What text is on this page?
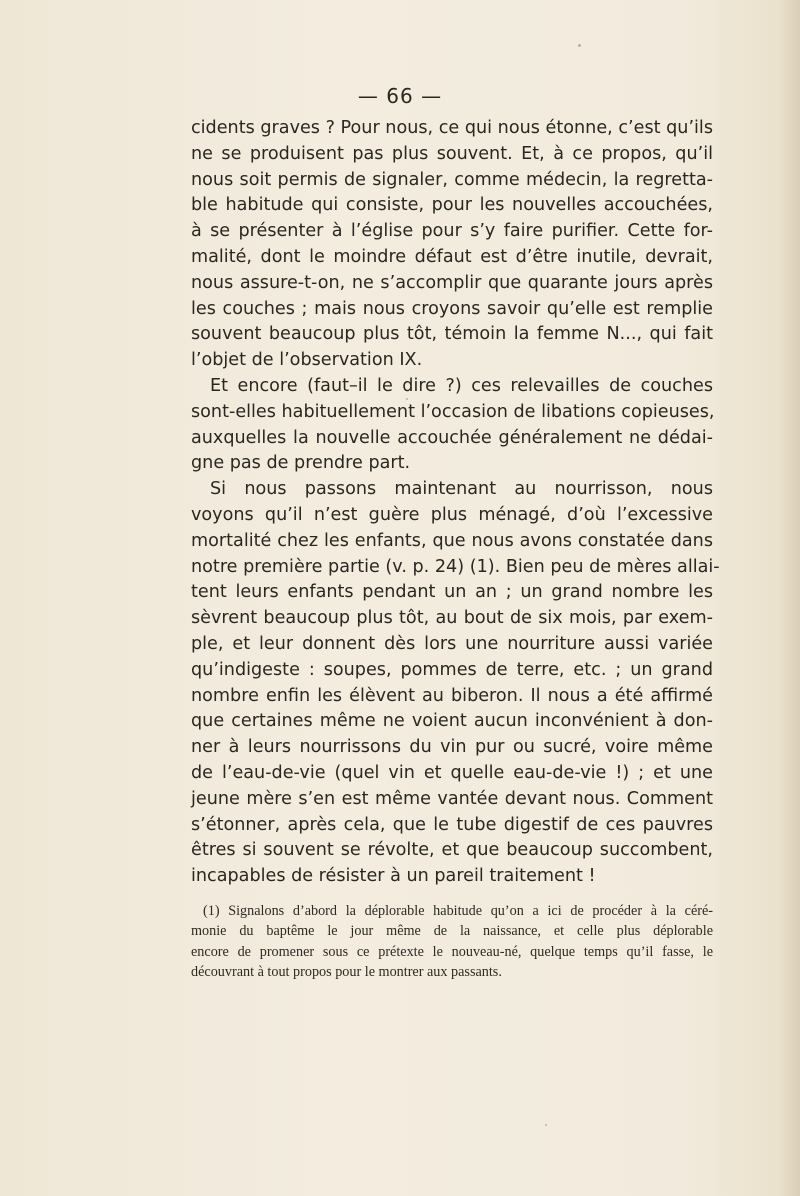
— 66 —
cidents graves ? Pour nous, ce qui nous étonne, c’est qu’ils
ne se produisent pas plus souvent. Et, à ce propos, qu’il
nous soit permis de signaler, comme médecin, la regretta-
ble habitude qui consiste, pour les nouvelles accouchées,
à se présenter à l’église pour s’y faire purifier. Cette for-
malité, dont le moindre défaut est d’être inutile, devrait,
nous assure-t-on, ne s’accomplir que quarante jours après
les couches ; mais nous croyons savoir qu’elle est remplie
souvent beaucoup plus tôt, témoin la femme N..., qui fait
l’objet de l’observation IX.
Et encore (faut–il le dire ?) ces relevailles de couches
sont-elles habituellement l’occasion de libations copieuses,
auxquelles la nouvelle accouchée généralement ne dédai-
gne pas de prendre part.
Si nous passons maintenant au nourrisson, nous
voyons qu’il n’est guère plus ménagé, d’où l’excessive
mortalité chez les enfants, que nous avons constatée dans
notre première partie (v. p. 24) (1). Bien peu de mères allai-
tent leurs enfants pendant un an ; un grand nombre les
sèvrent beaucoup plus tôt, au bout de six mois, par exem-
ple, et leur donnent dès lors une nourriture aussi variée
qu’indigeste : soupes, pommes de terre, etc. ; un grand
nombre enfin les élèvent au biberon. Il nous a été affirmé
que certaines même ne voient aucun inconvénient à don-
ner à leurs nourrissons du vin pur ou sucré, voire même
de l’eau-de-vie (quel vin et quelle eau-de-vie !) ; et une
jeune mère s’en est même vantée devant nous. Comment
s’étonner, après cela, que le tube digestif de ces pauvres
êtres si souvent se révolte, et que beaucoup succombent,
incapables de résister à un pareil traitement !
(1) Signalons d’abord la déplorable habitude qu’on a ici de procéder à la céré-
monie du baptême le jour même de la naissance, et celle plus déplorable
encore de promener sous ce prétexte le nouveau-né, quelque temps qu’il fasse, le
découvrant à tout propos pour le montrer aux passants.
